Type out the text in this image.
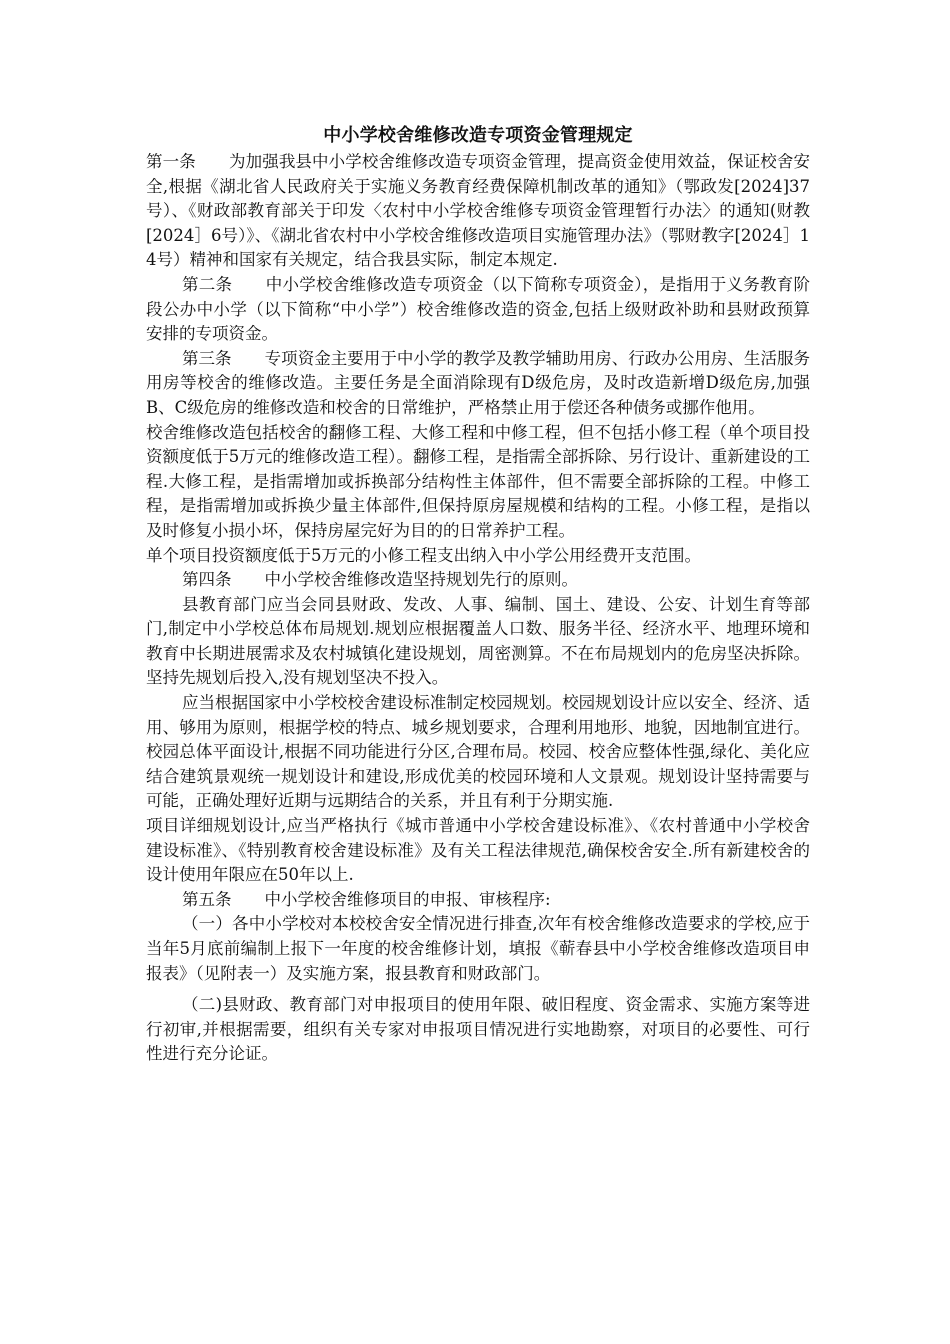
中小学校舍维修改造专项资金管理规定

第一条　　为加强我县中小学校舍维修改造专项资金管理，提高资金使用效益，保证校舍安全,根据《湖北省人民政府关于实施义务教育经费保障机制改革的通知》（鄂政发[2024]37号）、《财政部教育部关于印发〈农村中小学校舍维修专项资金管理暂行办法〉的通知(财教[2024］6号）》、《湖北省农村中小学校舍维修改造项目实施管理办法》（鄂财教字[2024］14号）精神和国家有关规定，结合我县实际，制定本规定.

第二条　　中小学校舍维修改造专项资金（以下简称专项资金），是指用于义务教育阶段公办中小学（以下简称“中小学”）校舍维修改造的资金,包括上级财政补助和县财政预算安排的专项资金。

第三条　　专项资金主要用于中小学的教学及教学辅助用房、行政办公用房、生活服务用房等校舍的维修改造。主要任务是全面消除现有D级危房，及时改造新增D级危房,加强B、C级危房的维修改造和校舍的日常维护，严格禁止用于偿还各种债务或挪作他用。

校舍维修改造包括校舍的翻修工程、大修工程和中修工程，但不包括小修工程（单个项目投资额度低于5万元的维修改造工程）。翻修工程，是指需全部拆除、另行设计、重新建设的工程.大修工程，是指需增加或拆换部分结构性主体部件，但不需要全部拆除的工程。中修工程，是指需增加或拆换少量主体部件,但保持原房屋规模和结构的工程。小修工程，是指以及时修复小损小坏，保持房屋完好为目的的日常养护工程。

单个项目投资额度低于5万元的小修工程支出纳入中小学公用经费开支范围。

第四条　　中小学校舍维修改造坚持规划先行的原则。

县教育部门应当会同县财政、发改、人事、编制、国土、建设、公安、计划生育等部门,制定中小学校总体布局规划.规划应根据覆盖人口数、服务半径、经济水平、地理环境和教育中长期进展需求及农村城镇化建设规划，周密测算。不在布局规划内的危房坚决拆除。坚持先规划后投入,没有规划坚决不投入。

应当根据国家中小学校校舍建设标准制定校园规划。校园规划设计应以安全、经济、适用、够用为原则，根据学校的特点、城乡规划要求，合理利用地形、地貌，因地制宜进行。校园总体平面设计,根据不同功能进行分区,合理布局。校园、校舍应整体性强,绿化、美化应结合建筑景观统一规划设计和建设,形成优美的校园环境和人文景观。规划设计坚持需要与可能，正确处理好近期与远期结合的关系，并且有利于分期实施.

项目详细规划设计,应当严格执行《城市普通中小学校舍建设标准》、《农村普通中小学校舍建设标准》、《特别教育校舍建设标准》及有关工程法律规范,确保校舍安全.所有新建校舍的设计使用年限应在50年以上.

第五条　　中小学校舍维修项目的申报、审核程序:

（一）各中小学校对本校校舍安全情况进行排查,次年有校舍维修改造要求的学校,应于当年5月底前编制上报下一年度的校舍维修计划，填报《蕲春县中小学校舍维修改造项目申报表》（见附表一）及实施方案，报县教育和财政部门。

（二)县财政、教育部门对申报项目的使用年限、破旧程度、资金需求、实施方案等进行初审,并根据需要，组织有关专家对申报项目情况进行实地勘察，对项目的必要性、可行性进行充分论证。
